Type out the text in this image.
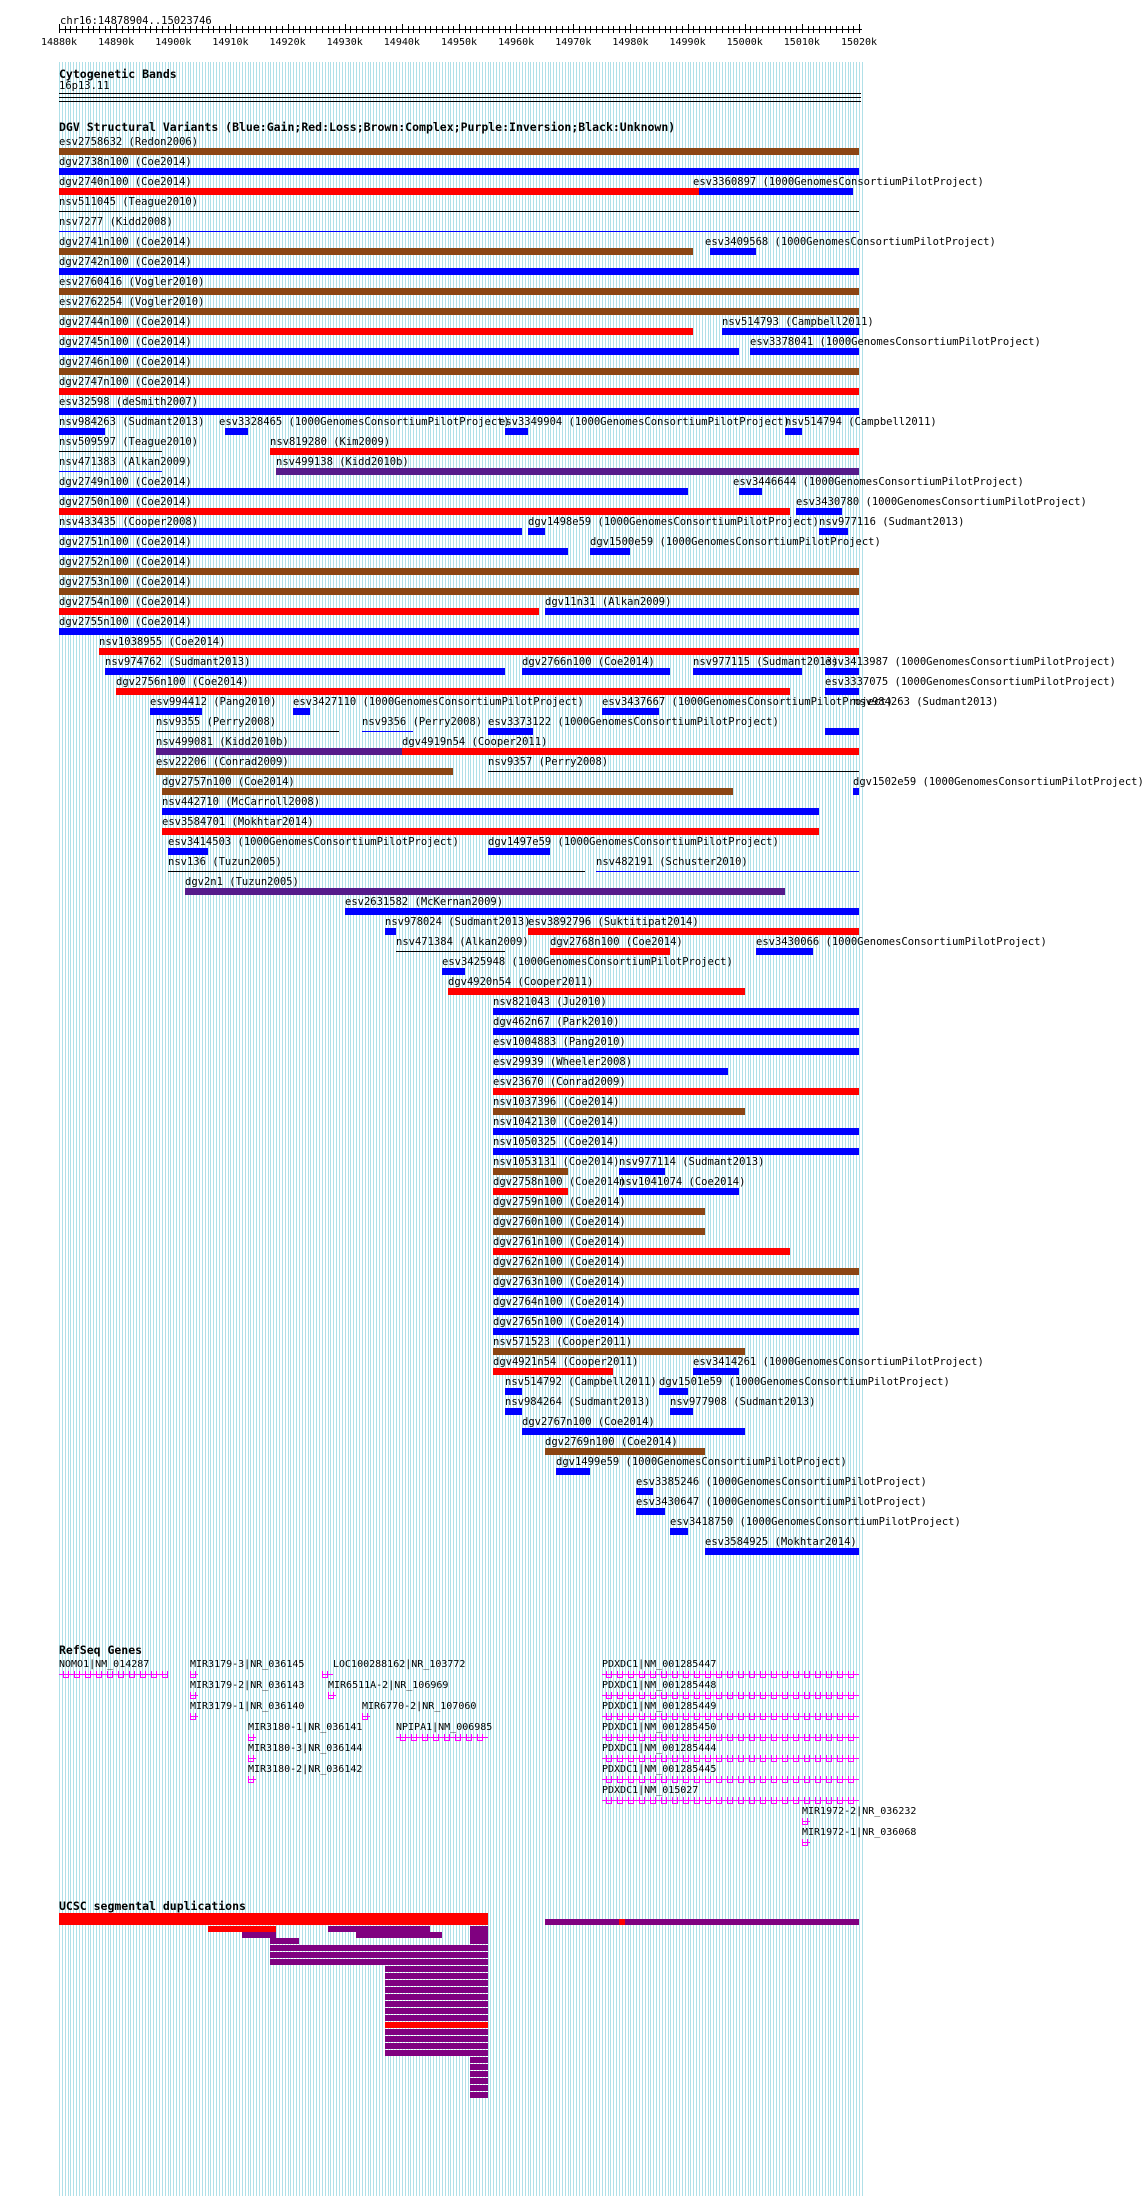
chr16:14878904..15023746
14880k 14890k 14900k 14910k 14920k 14930k 14940k 14950k 14960k 14970k 14980k 14990k 15000k 15010k 15020k
Cytogenetic Bands
16p13.11
DGV Structural Variants (Blue:Gain;Red:Loss;Brown:Complex;Purple:Inversion;Black:Unknown)
esv2758632 (Redon2006)
dgv2738n100 (Coe2014)
dgv2740n100 (Coe2014)	esv3360897 (1000GenomesConsortiumPilotProject)
nsv511045 (Teague2010)
nsv7277 (Kidd2008)
dgv2741n100 (Coe2014)	esv3409568 (1000GenomesConsortiumPilotProject)
dgv2742n100 (Coe2014)
esv2760416 (Vogler2010)
esv2762254 (Vogler2010)
dgv2744n100 (Coe2014)	nsv514793 (Campbell2011)
dgv2745n100 (Coe2014)	esv3378041 (1000GenomesConsortiumPilotProject)
dgv2746n100 (Coe2014)
dgv2747n100 (Coe2014)
esv32598 (deSmith2007)
nsv984263 (Sudmant2013) esv3328465 (1000GenomesConsortiumPilotProject)
esv3349904 (1000GenomesConsortiumPilotProject)
nsv514794 (Campbell2011)
nsv509597 (Teague2010)	nsv819280 (Kim2009)
nsv471383 (Alkan2009)	nsv499138 (Kidd2010b)
dgv2749n100 (Coe2014)	esv3446644 (1000GenomesConsortiumPilotProject)
dgv2750n100 (Coe2014)	esv3430780 (1000GenomesConsortiumPilotProject)
nsv433435 (Cooper2008)	dgv1498e59 (1000GenomesConsortiumPilotProject) nsv977116 (Sudmant2013)
dgv2751n100 (Coe2014)	dgv1500e59 (1000GenomesConsortiumPilotProject)
dgv2752n100 (Coe2014)
dgv2753n100 (Coe2014)
dgv2754n100 (Coe2014)	dgv11n31 (Alkan2009)
dgv2755n100 (Coe2014)
nsv1038955 (Coe2014)
nsv974762 (Sudmant2013)	dgv2766n100 (Coe2014)	nsv977115 (Sudmant2013)
esv3413987 (1000GenomesConsortiumPilotProject)
dgv2756n100 (Coe2014)	esv3337075 (1000GenomesConsortiumPilotProject)
esv994412 (Pang2010) esv3427110 (1000GenomesConsortiumPilotProject) esv3437667 (1000GenomesConsortiumPilotProject)
nsv984263 (Sudmant2013)
nsv9355 (Perry2008)	nsv9356 (Perry2008) esv3373122 (1000GenomesConsortiumPilotProject)
nsv499081 (Kidd2010b)	dgv4919n54 (Cooper2011)
esv22206 (Conrad2009)	nsv9357 (Perry2008)
dgv2757n100 (Coe2014)	dgv1502e59 (1000GenomesConsortiumPilotProject)
nsv442710 (McCarroll2008)
esv3584701 (Mokhtar2014)
esv3414503 (1000GenomesConsortiumPilotProject)	dgv1497e59 (1000GenomesConsortiumPilotProject)
nsv136 (Tuzun2005)	nsv482191 (Schuster2010)
dgv2n1 (Tuzun2005)
esv2631582 (McKernan2009)
nsv978024 (Sudmant2013)
esv3892796 (Suktitipat2014)
nsv471384 (Alkan2009) dgv2768n100 (Coe2014)	esv3430066 (1000GenomesConsortiumPilotProject)
esv3425948 (1000GenomesConsortiumPilotProject)
dgv4920n54 (Cooper2011)
nsv821043 (Ju2010)
dgv462n67 (Park2010)
esv1004883 (Pang2010)
esv29939 (Wheeler2008)
esv23670 (Conrad2009)
nsv1037396 (Coe2014)
nsv1042130 (Coe2014)
nsv1050325 (Coe2014)
nsv1053131 (Coe2014) nsv977114 (Sudmant2013)
dgv2758n100 (Coe2014)
nsv1041074 (Coe2014)
dgv2759n100 (Coe2014)
dgv2760n100 (Coe2014)
dgv2761n100 (Coe2014)
dgv2762n100 (Coe2014)
dgv2763n100 (Coe2014)
dgv2764n100 (Coe2014)
dgv2765n100 (Coe2014)
nsv571523 (Cooper2011)
dgv4921n54 (Cooper2011)	esv3414261 (1000GenomesConsortiumPilotProject)
nsv514792 (Campbell2011) dgv1501e59 (1000GenomesConsortiumPilotProject)
nsv984264 (Sudmant2013) nsv977908 (Sudmant2013)
dgv2767n100 (Coe2014)
dgv2769n100 (Coe2014)
dgv1499e59 (1000GenomesConsortiumPilotProject)
esv3385246 (1000GenomesConsortiumPilotProject)
esv3430647 (1000GenomesConsortiumPilotProject)
esv3418750 (1000GenomesConsortiumPilotProject)
esv3584925 (Mokhtar2014)
RefSeq Genes
NOMO1|NM_014287	MIR3179-3|NR_036145	LOC100288162|NR_103772	PDXDC1|NM_001285447
MIR3179-2|NR_036143 MIR6511A-2|NR_106969	PDXDC1|NM_001285448
MIR3179-1|NR_036140	MIR6770-2|NR_107060	PDXDC1|NM_001285449
MIR3180-1|NR_036141	NPIPA1|NM_006985	PDXDC1|NM_001285450
MIR3180-3|NR_036144	PDXDC1|NM_001285444
MIR3180-2|NR_036142	PDXDC1|NM_001285445
PDXDC1|NM_015027
MIR1972-2|NR_036232
MIR1972-1|NR_036068
UCSC segmental duplications
